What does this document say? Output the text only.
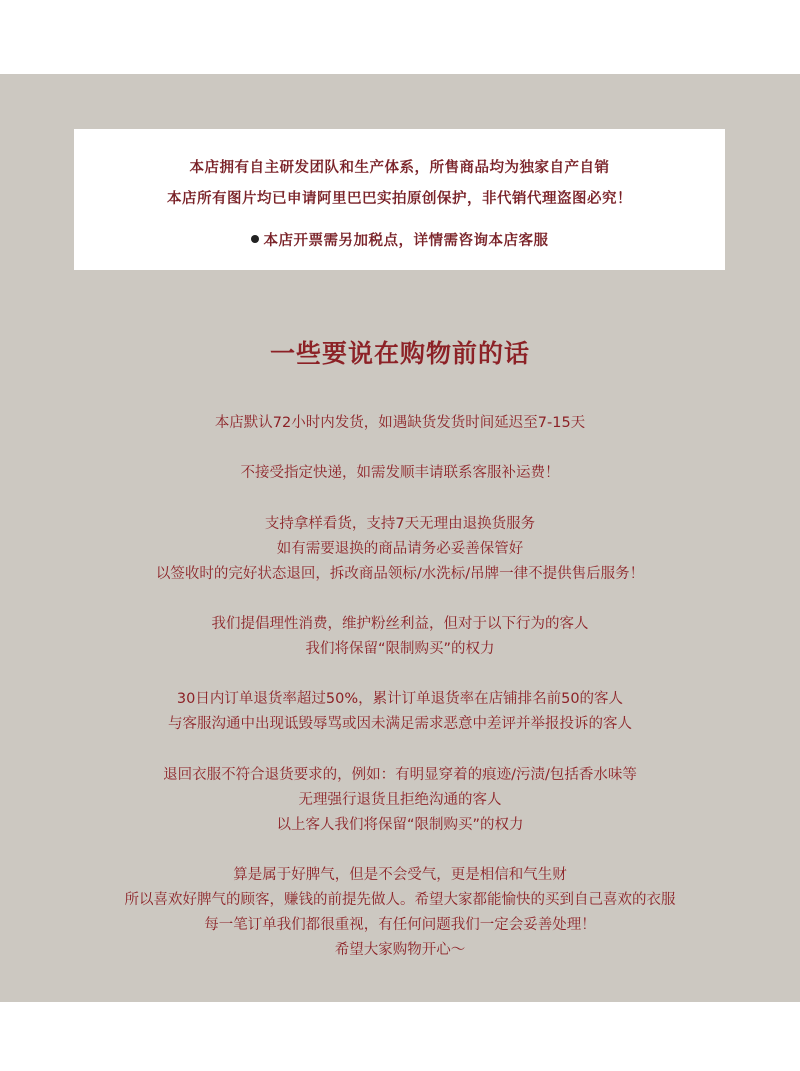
本店拥有自主研发团队和生产体系，所售商品均为独家自产自销
本店所有图片均已申请阿里巴巴实拍原创保护，非代销代理盗图必究！
本店开票需另加税点，详情需咨询本店客服
一些要说在购物前的话
本店默认72小时内发货，如遇缺货发货时间延迟至7-15天
不接受指定快递，如需发顺丰请联系客服补运费！
支持拿样看货，支持7天无理由退换货服务
如有需要退换的商品请务必妥善保管好
以签收时的完好状态退回，拆改商品领标/水洗标/吊牌一律不提供售后服务！
我们提倡理性消费，维护粉丝利益，但对于以下行为的客人
我们将保留“限制购买”的权力
30日内订单退货率超过50%，累计订单退货率在店铺排名前50的客人
与客服沟通中出现诋毁辱骂或因未满足需求恶意中差评并举报投诉的客人
退回衣服不符合退货要求的，例如：有明显穿着的痕迹/污渍/包括香水味等
无理强行退货且拒绝沟通的客人
以上客人我们将保留“限制购买”的权力
算是属于好脾气，但是不会受气，更是相信和气生财
所以喜欢好脾气的顾客，赚钱的前提先做人。希望大家都能愉快的买到自己喜欢的衣服
每一笔订单我们都很重视，有任何问题我们一定会妥善处理！
希望大家购物开心～
